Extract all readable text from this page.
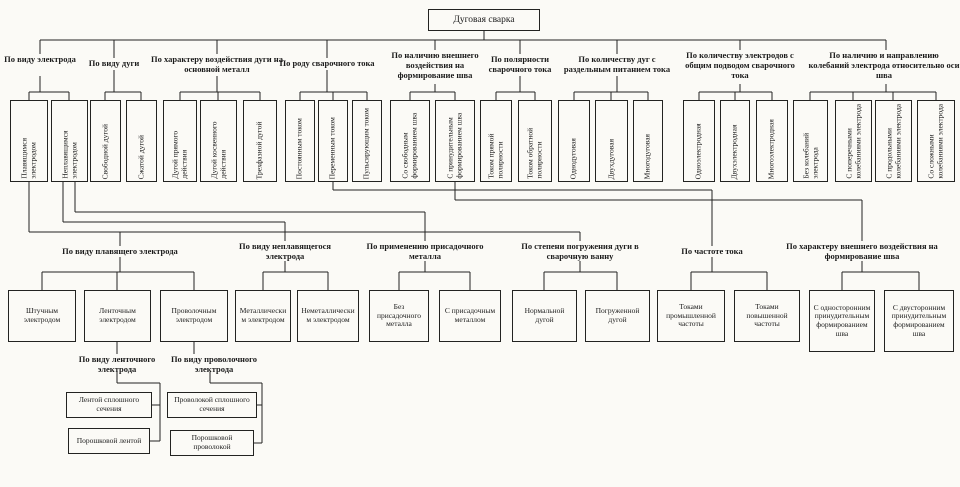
Дуговая сварка
По виду электрода	По виду дуги	По характеру воздействия дуги на основной металл
По роду сварочного тока
По наличию внешнего воздействия на формирование шва
По полярности сварочного тока
По количеству дуг с раздельным питанием тока
По количеству электродов с общим подводом сварочного тока
По наличию и направлению колебаний электрода относительно оси шва
Плавящимся электродом	Неплавящимся электродом	Свободной дугой	Сжатой дугой	Дугой прямого действия	Дугой косвенного действия	Трехфазной дугой	Постоянным током	Переменным током	Пульсирующим током	Со свободным формированием шва	С принудительным формированием шва	Током прямой полярности	Током обратной полярности	Однодуговая	Двухдуговая	Многодуговая	Одноэлектродная	Двухэлектродная	Многоэлектродная	Без колебаний электрода	С поперечными колебаниями электрода	С продольными колебаниями электрода	Со сложными колебаниями электрода
По виду плавящего электрода	По виду неплавящегося электрода
По применению присадочного металла
По степени погружения дуги в сварочную ванну
По частоте тока	По характеру внешнего воздействия на формирование шва
Штучным электродом
Ленточным электродом
Проволочным электродом
Металлическим электродом
Неметаллическим электродом
Без присадочного металла
С присадочным металлом
Нормальной дугой
Погруженной дугой
Токами промышленной частоты
Токами повышенной частоты
С односторонним принудительным формированием шва
С двусторонним принудительным формированием шва
По виду ленточного электрода
По виду проволочного электрода
Лентой сплошного сечения
Порошковой лентой
Проволокой сплошного сечения
Порошковой проволокой
